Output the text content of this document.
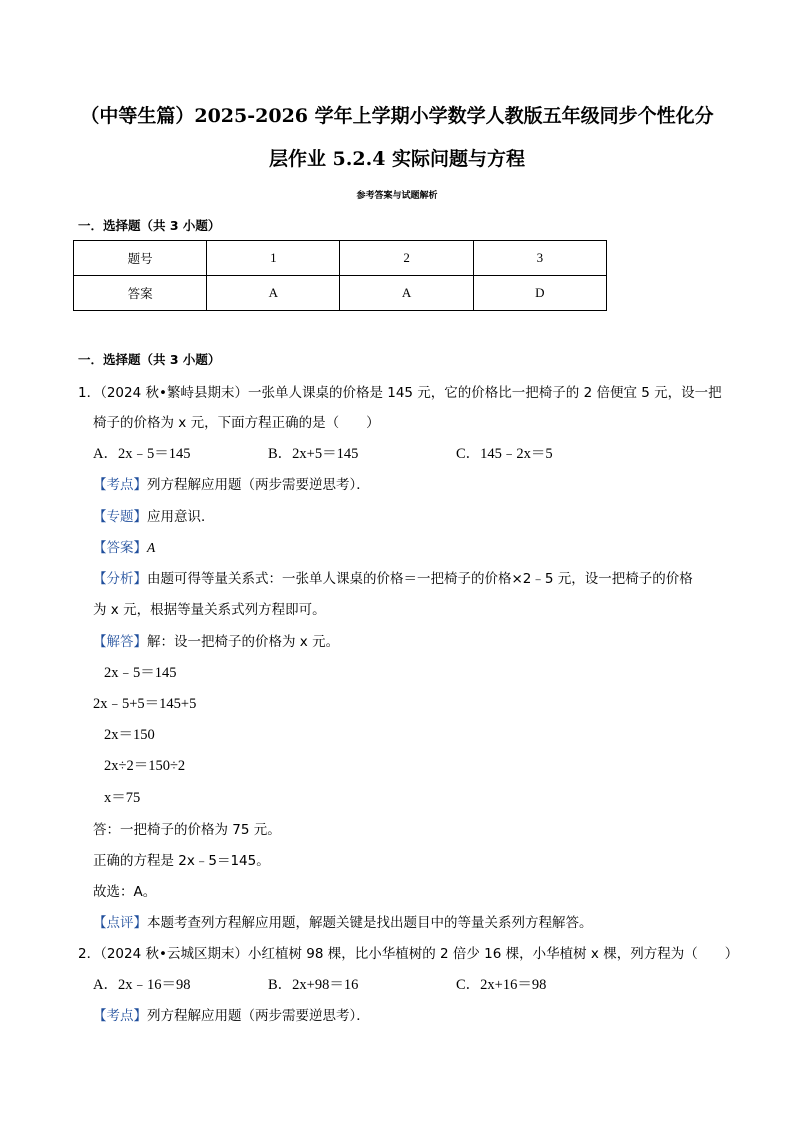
（中等生篇）2025-2026 学年上学期小学数学人教版五年级同步个性化分
层作业 5.2.4 实际问题与方程
参考答案与试题解析
一．选择题（共 3 小题）
题号	1	2	3
答案	A	A	D
一．选择题（共 3 小题）
1．（2024 秋•繁峙县期末）一张单人课桌的价格是 145 元，它的价格比一把椅子的 2 倍便宜 5 元，设一把
椅子的价格为 x 元，下面方程正确的是（　　）
A．2x﹣5＝145	B．2x+5＝145	C．145﹣2x＝5
【考点】列方程解应用题（两步需要逆思考）．
【专题】应用意识．
【答案】A
【分析】由题可得等量关系式：一张单人课桌的价格＝一把椅子的价格×2﹣5 元，设一把椅子的价格
为 x 元，根据等量关系式列方程即可。
【解答】解：设一把椅子的价格为 x 元。
2x﹣5＝145
2x﹣5+5＝145+5
2x＝150
2x÷2＝150÷2
x＝75
答：一把椅子的价格为 75 元。
正确的方程是 2x﹣5＝145。
故选：A。
【点评】本题考查列方程解应用题，解题关键是找出题目中的等量关系列方程解答。
2．（2024 秋•云城区期末）小红植树 98 棵，比小华植树的 2 倍少 16 棵，小华植树 x 棵，列方程为（　　）
A．2x﹣16＝98	B．2x+98＝16	C．2x+16＝98
【考点】列方程解应用题（两步需要逆思考）．
